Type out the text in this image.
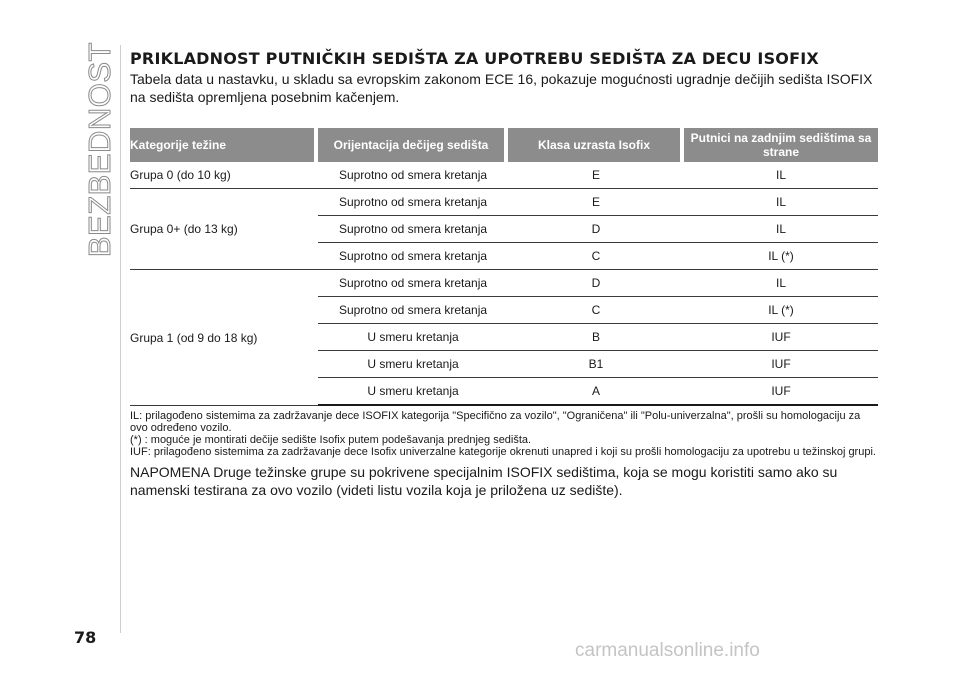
BEZBEDNOST PRIKLADNOST PUTNIČKIH SEDIŠTA ZA UPOTREBU SEDIŠTA ZA DECU ISOFIX

Tabela data u nastavku, u skladu sa evropskim zakonom ECE 16, pokazuje mogućnosti ugradnje dečijih sedišta ISOFIX na sedišta opremljena posebnim kačenjem.

Kategorije težine	Orijentacija dečijeg sedišta	Klasa uzrasta Isofix	Putnici na zadnjim sedištima sa strane
Grupa 0 (do 10 kg)	Suprotno od smera kretanja	E	IL
Grupa 0+ (do 13 kg)	Suprotno od smera kretanja	E	IL
	Suprotno od smera kretanja	D	IL
	Suprotno od smera kretanja	C	IL (*)
Grupa 1 (od 9 do 18 kg)	Suprotno od smera kretanja	D	IL
	Suprotno od smera kretanja	C	IL (*)
	U smeru kretanja	B	IUF
	U smeru kretanja	B1	IUF
	U smeru kretanja	A	IUF

IL: prilagođeno sistemima za zadržavanje dece ISOFIX kategorija "Specifično za vozilo", "Ograničena" ili "Polu-univerzalna", prošli su homologaciju za ovo određeno vozilo.

(*) : moguće je montirati dečije sedište Isofix putem podešavanja prednjeg sedišta.

IUF: prilagođeno sistemima za zadržavanje dece Isofix univerzalne kategorije okrenuti unapred i koji su prošli homologaciju za upotrebu u težinskoj grupi.

NAPOMENA Druge težinske grupe su pokrivene specijalnim ISOFIX sedištima, koja se mogu koristiti samo ako su namenski testirana za ovo vozilo (videti listu vozila koja je priložena uz sedište).

78
carmanualsonline.info
